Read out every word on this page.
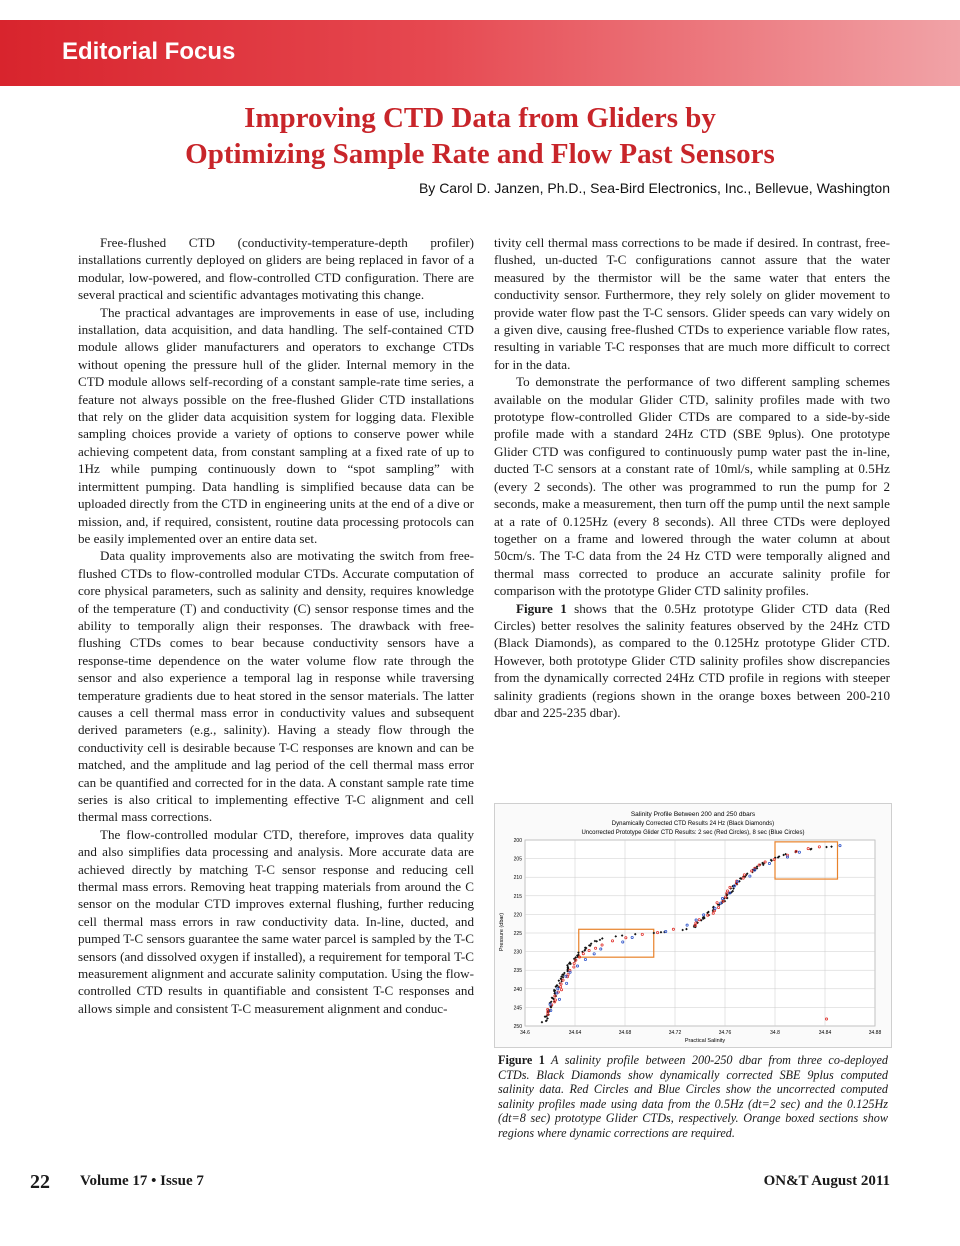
Editorial Focus
Improving CTD Data from Gliders by
Optimizing Sample Rate and Flow Past Sensors
By Carol D. Janzen, Ph.D., Sea-Bird Electronics, Inc., Bellevue, Washington

Free-flushed CTD (conductivity-temperature-depth profiler) installations currently deployed on gliders are being replaced in favor of a modular, low-powered, and flow-controlled CTD configuration. There are several practical and scientific advantages motivating this change.

The practical advantages are improvements in ease of use, including installation, data acquisition, and data handling. The self-contained CTD module allows glider manufacturers and operators to exchange CTDs without opening the pressure hull of the glider. Internal memory in the CTD module allows self-recording of a constant sample-rate time series, a feature not always possible on the free-flushed Glider CTD installations that rely on the glider data acquisition system for logging data. Flexible sampling choices provide a variety of options to conserve power while achieving competent data, from constant sampling at a fixed rate of up to 1Hz while pumping continuously down to “spot sampling” with intermittent pumping. Data handling is simplified because data can be uploaded directly from the CTD in engineering units at the end of a dive or mission, and, if required, consistent, routine data processing protocols can be easily implemented over an entire data set.

Data quality improvements also are motivating the switch from free-flushed CTDs to flow-controlled modular CTDs. Accurate computation of core physical parameters, such as salinity and density, requires knowledge of the temperature (T) and conductivity (C) sensor response times and the ability to temporally align their responses. The drawback with free-flushing CTDs comes to bear because conductivity sensors have a response-time dependence on the water volume flow rate through the sensor and also experience a temporal lag in response while traversing temperature gradients due to heat stored in the sensor materials. The latter causes a cell thermal mass error in conductivity values and subsequent derived parameters (e.g., salinity). Having a steady flow through the conductivity cell is desirable because T-C responses are known and can be matched, and the amplitude and lag period of the cell thermal mass error can be quantified and corrected for in the data. A constant sample rate time series is also critical to implementing effective T-C alignment and cell thermal mass corrections.

The flow-controlled modular CTD, therefore, improves data quality and also simplifies data processing and analysis. More accurate data are achieved directly by matching T-C sensor response and reducing cell thermal mass errors. Removing heat trapping materials from around the C sensor on the modular CTD improves external flushing, further reducing cell thermal mass errors in raw conductivity data. In-line, ducted, and pumped T-C sensors guarantee the same water parcel is sampled by the T-C sensors (and dissolved oxygen if installed), a requirement for temporal T-C measurement alignment and accurate salinity computation. Using the flow-controlled CTD results in quantifiable and consistent T-C responses and allows simple and consistent T-C measurement alignment and conduc-

tivity cell thermal mass corrections to be made if desired. In contrast, free-flushed, un-ducted T-C configurations cannot assure that the water measured by the thermistor will be the same water that enters the conductivity sensor. Furthermore, they rely solely on glider movement to provide water flow past the T-C sensors. Glider speeds can vary widely on a given dive, causing free-flushed CTDs to experience variable flow rates, resulting in variable T-C responses that are much more difficult to correct for in the data.

To demonstrate the performance of two different sampling schemes available on the modular Glider CTD, salinity profiles made with two prototype flow-controlled Glider CTDs are compared to a side-by-side profile made with a standard 24Hz CTD (SBE 9plus). One prototype Glider CTD was configured to continuously pump water past the in-line, ducted T-C sensors at a constant rate of 10ml/s, while sampling at 0.5Hz (every 2 seconds). The other was programmed to run the pump for 2 seconds, make a measurement, then turn off the pump until the next sample at a rate of 0.125Hz (every 8 seconds). All three CTDs were deployed together on a frame and lowered through the water column at about 50cm/s. The T-C data from the 24 Hz CTD were temporally aligned and thermal mass corrected to produce an accurate salinity profile for comparison with the prototype Glider CTD salinity profiles.

Figure 1 shows that the 0.5Hz prototype Glider CTD data (Red Circles) better resolves the salinity features observed by the 24Hz CTD (Black Diamonds), as compared to the 0.125Hz prototype Glider CTD. However, both prototype Glider CTD salinity profiles show discrepancies from the dynamically corrected 24Hz CTD profile in regions with steeper salinity gradients (regions shown in the orange boxes between 200-210 dbar and 225-235 dbar).

Salinity Profile Between 200 and 250 dbars
Dynamically Corrected CTD Results 24 Hz (Black Diamonds)
Uncorrected Prototype Glider CTD Results: 2 sec (Red Circles), 8 sec (Blue Circles)
34.6	34.64	34.68	34.72	34.76	34.8	34.84	34.88
200
205
210
215
220
225
230
235
240
245
250
Practical Salinity
Pressure (dbar)
Figure 1 A salinity profile between 200-250 dbar from three co-deployed CTDs. Black Diamonds show dynamically corrected SBE 9plus computed salinity data. Red Circles and Blue Circles show the uncorrected computed salinity profiles made using data from the 0.5Hz (dt=2 sec) and the 0.125Hz (dt=8 sec) prototype Glider CTDs, respectively. Orange boxed sections show regions where dynamic corrections are required.
22 Volume 17 • Issue 7	ON&T August 2011
